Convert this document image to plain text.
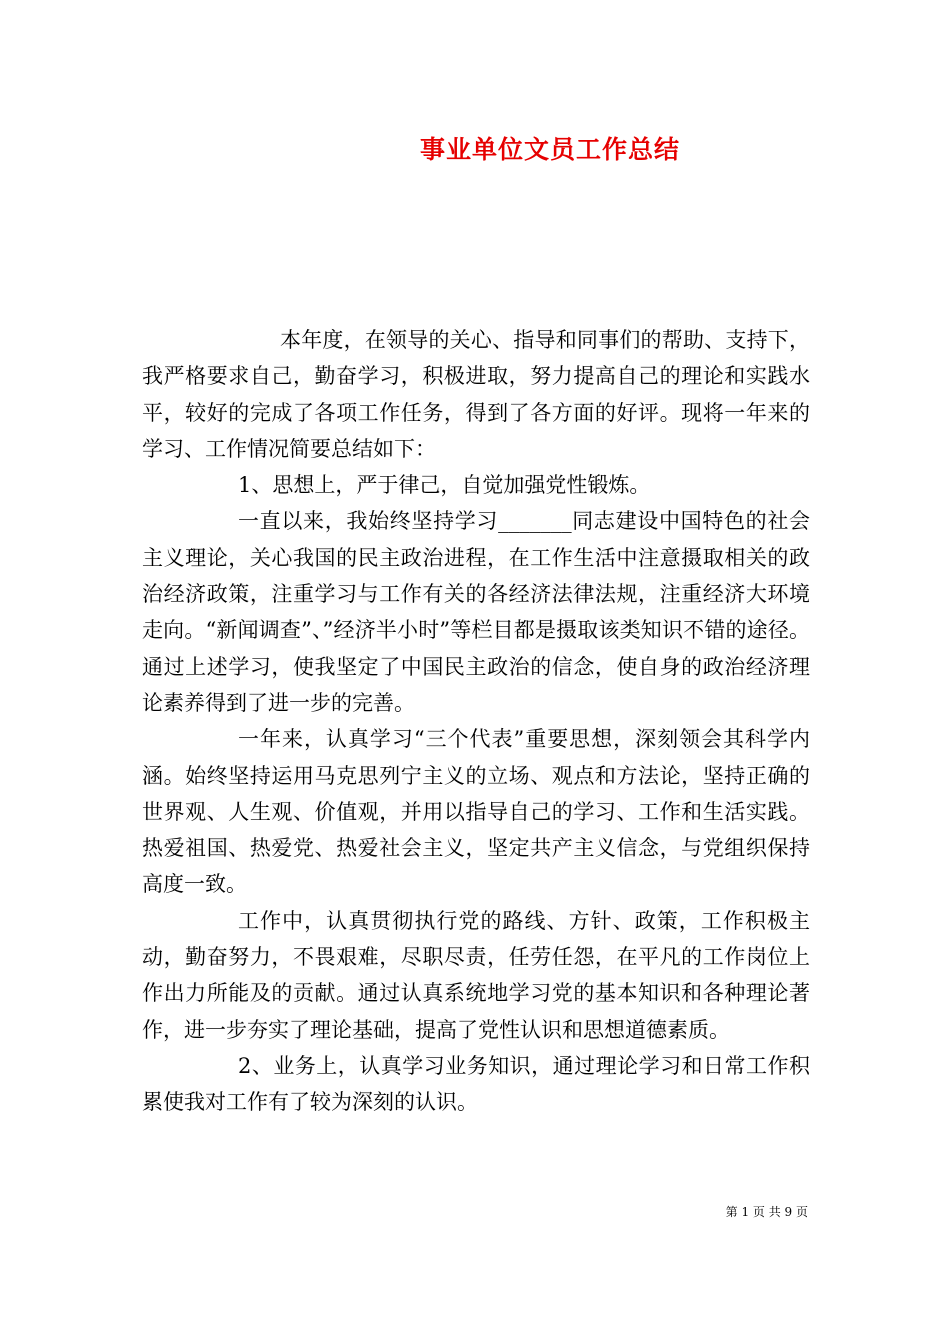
事业单位文员工作总结

本年度，在领导的关心、指导和同事们的帮助、支持下，我严格要求自己，勤奋学习，积极进取，努力提高自己的理论和实践水平，较好的完成了各项工作任务，得到了各方面的好评。现将一年来的学习、工作情况简要总结如下：

1、思想上，严于律己，自觉加强党性锻炼。

一直以来，我始终坚持学习_______同志建设中国特色的社会主义理论，关心我国的民主政治进程，在工作生活中注意摄取相关的政治经济政策，注重学习与工作有关的各经济法律法规，注重经济大环境走向。“新闻调查”、”经济半小时”等栏目都是摄取该类知识不错的途径。通过上述学习，使我坚定了中国民主政治的信念，使自身的政治经济理论素养得到了进一步的完善。

一年来，认真学习“三个代表”重要思想，深刻领会其科学内涵。始终坚持运用马克思列宁主义的立场、观点和方法论，坚持正确的世界观、人生观、价值观，并用以指导自己的学习、工作和生活实践。热爱祖国、热爱党、热爱社会主义，坚定共产主义信念，与党组织保持高度一致。

工作中，认真贯彻执行党的路线、方针、政策，工作积极主动，勤奋努力，不畏艰难，尽职尽责，任劳任怨，在平凡的工作岗位上作出力所能及的贡献。通过认真系统地学习党的基本知识和各种理论著作，进一步夯实了理论基础，提高了党性认识和思想道德素质。

2、业务上，认真学习业务知识，通过理论学习和日常工作积累使我对工作有了较为深刻的认识。

第 1 页 共 9 页
